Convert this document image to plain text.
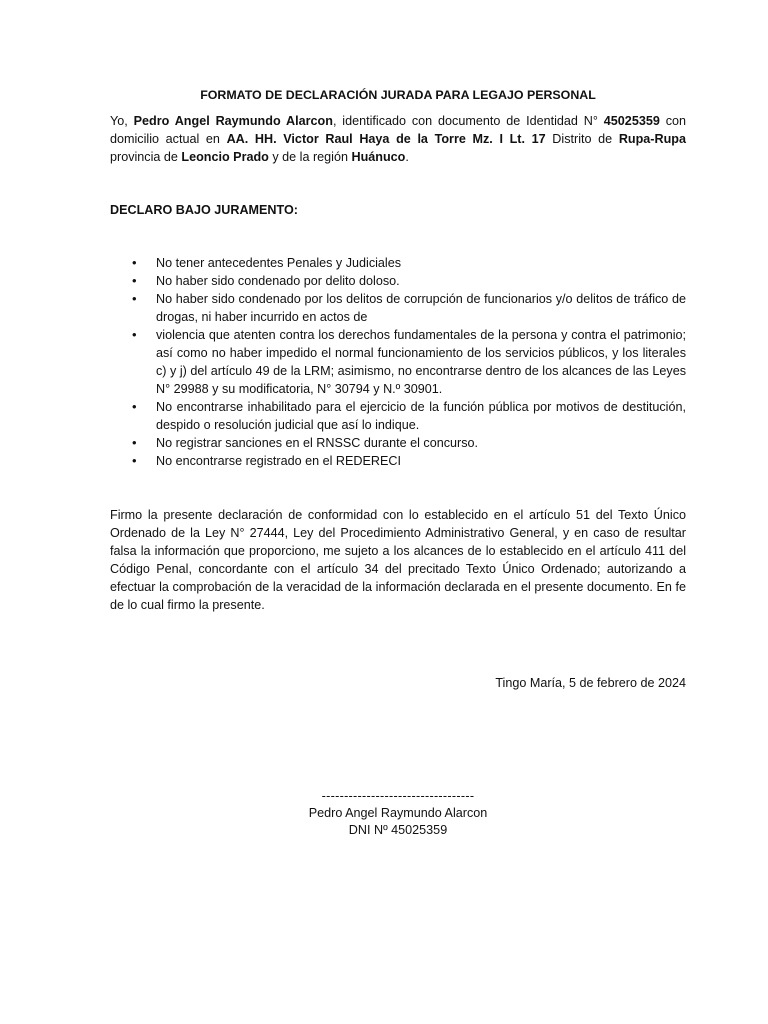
FORMATO DE DECLARACIÓN JURADA PARA LEGAJO PERSONAL

Yo, Pedro Angel Raymundo Alarcon, identificado con documento de Identidad N° 45025359 con domicilio actual en AA. HH. Victor Raul Haya de la Torre Mz. I Lt. 17 Distrito de Rupa-Rupa provincia de Leoncio Prado y de la región Huánuco.

DECLARO BAJO JURAMENTO:

• No tener antecedentes Penales y Judiciales
• No haber sido condenado por delito doloso.
• No haber sido condenado por los delitos de corrupción de funcionarios y/o delitos de tráfico de drogas, ni haber incurrido en actos de
• violencia que atenten contra los derechos fundamentales de la persona y contra el patrimonio; así como no haber impedido el normal funcionamiento de los servicios públicos, y los literales c) y j) del artículo 49 de la LRM; asimismo, no encontrarse dentro de los alcances de las Leyes N° 29988 y su modificatoria, N° 30794 y N.º 30901.
• No encontrarse inhabilitado para el ejercicio de la función pública por motivos de destitución, despido o resolución judicial que así lo indique.
• No registrar sanciones en el RNSSC durante el concurso.
• No encontrarse registrado en el REDERECI

Firmo la presente declaración de conformidad con lo establecido en el artículo 51 del Texto Único Ordenado de la Ley N° 27444, Ley del Procedimiento Administrativo General, y en caso de resultar falsa la información que proporciono, me sujeto a los alcances de lo establecido en el artículo 411 del Código Penal, concordante con el artículo 34 del precitado Texto Único Ordenado; autorizando a efectuar la comprobación de la veracidad de la información declarada en el presente documento. En fe de lo cual firmo la presente.

Tingo María, 5 de febrero de 2024

----------------------------------
Pedro Angel Raymundo Alarcon
DNI Nº 45025359
